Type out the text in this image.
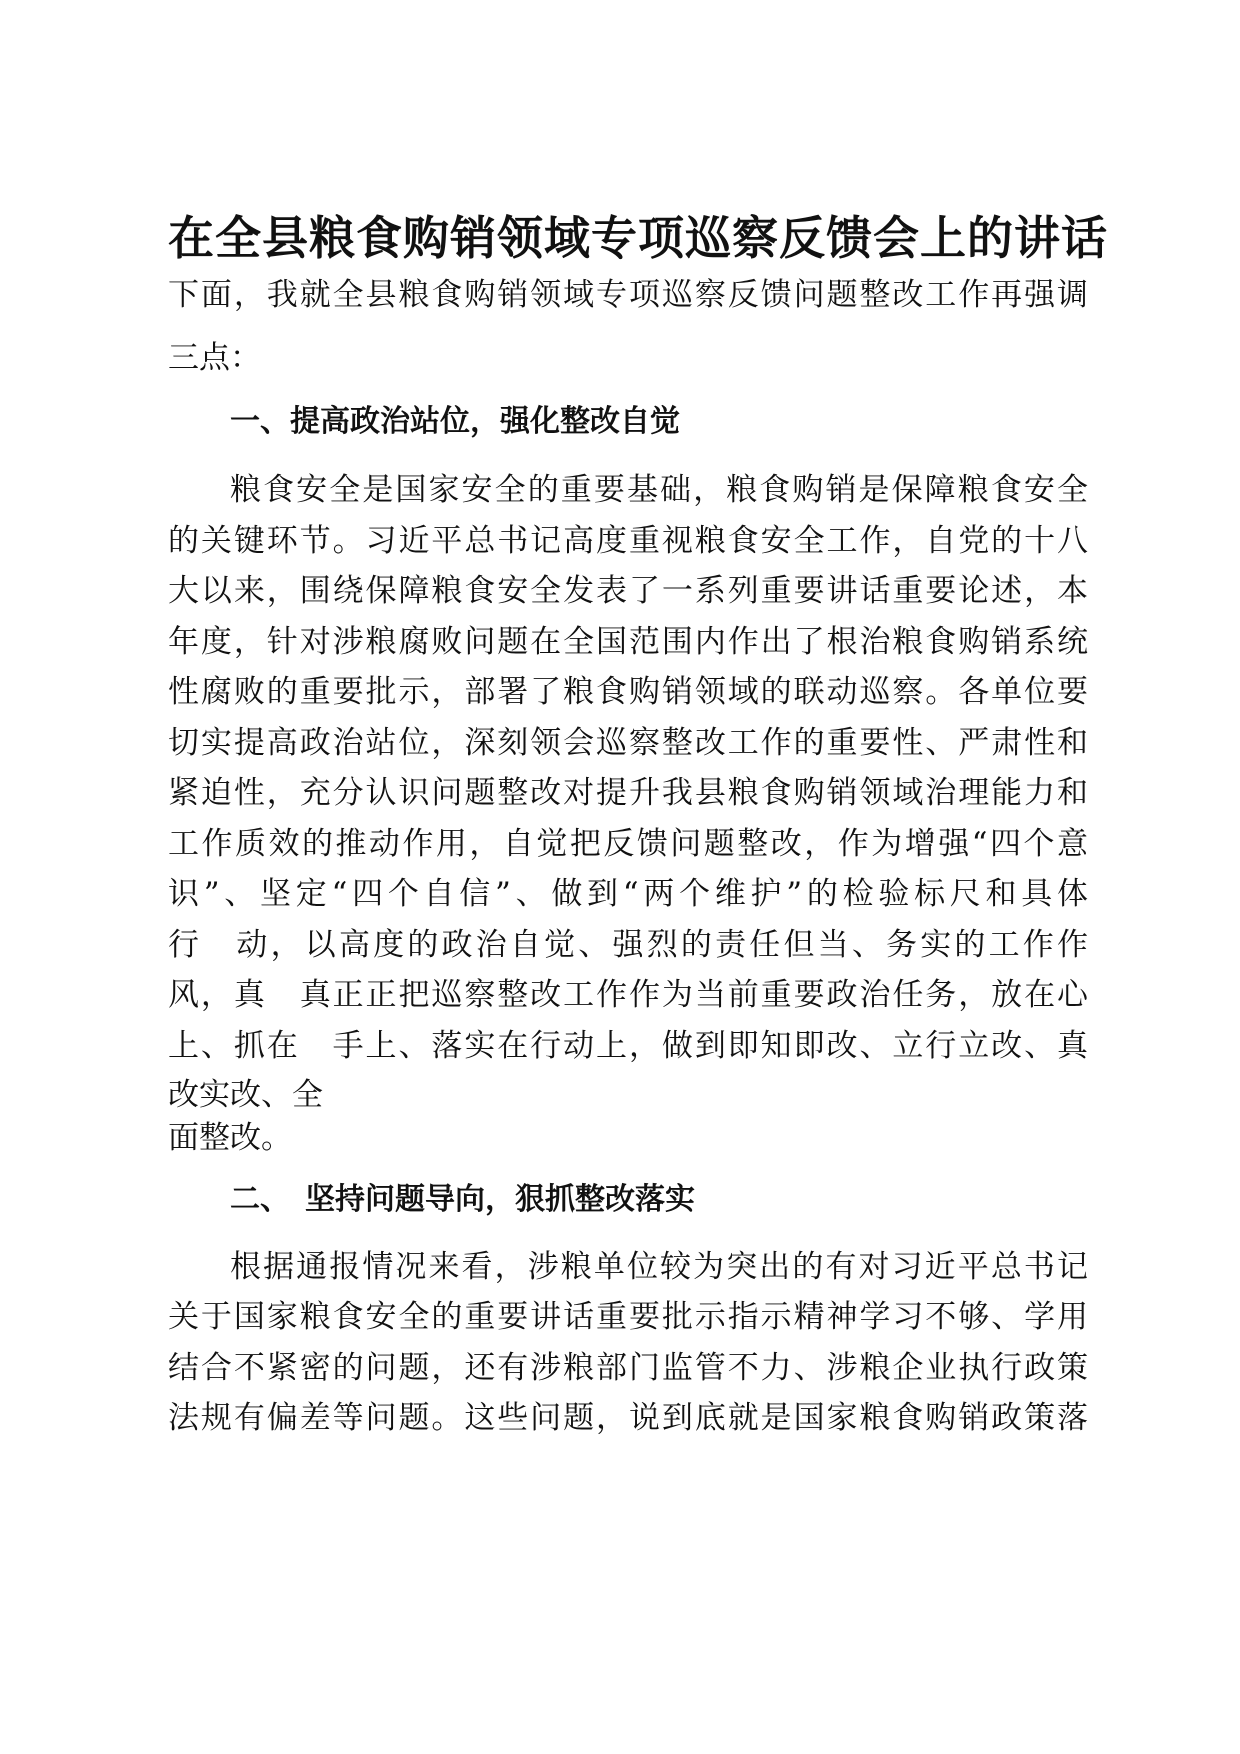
在全县粮食购销领域专项巡察反馈会上的讲话

下面，我就全县粮食购销领域专项巡察反馈问题整改工作再强调

三点：

一、提高政治站位，强化整改自觉

粮食安全是国家安全的重要基础，粮食购销是保障粮食安全

的关键环节。习近平总书记高度重视粮食安全工作，自党的十八

大以来，围绕保障粮食安全发表了一系列重要讲话重要论述，本

年度，针对涉粮腐败问题在全国范围内作出了根治粮食购销系统

性腐败的重要批示，部署了粮食购销领域的联动巡察。各单位要

切实提高政治站位，深刻领会巡察整改工作的重要性、严肃性和

紧迫性，充分认识问题整改对提升我县粮食购销领域治理能力和

工作质效的推动作用，自觉把反馈问题整改，作为增强“四个意

识”、坚定“四个自信”、做到“两个维护”的检验标尺和具体

行　动，以高度的政治自觉、强烈的责任但当、务实的工作作

风，真　真正正把巡察整改工作作为当前重要政治任务，放在心

上、抓在　手上、落实在行动上，做到即知即改、立行立改、真

改实改、全

面整改。

二、　坚持问题导向，狠抓整改落实

根据通报情况来看，涉粮单位较为突出的有对习近平总书记

关于国家粮食安全的重要讲话重要批示指示精神学习不够、学用

结合不紧密的问题，还有涉粮部门监管不力、涉粮企业执行政策

法规有偏差等问题。这些问题，说到底就是国家粮食购销政策落
